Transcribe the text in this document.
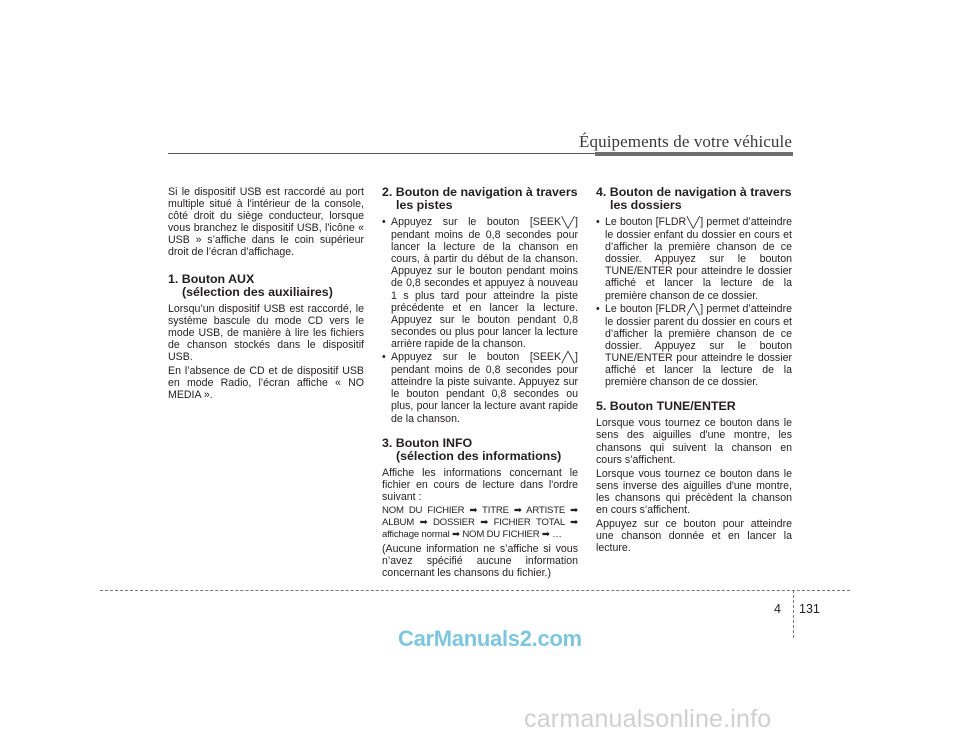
Équipements de votre véhicule

Si le dispositif USB est raccordé au port multiple situé à l'intérieur de la console, côté droit du siège conducteur, lorsque vous branchez le dispositif USB, l'icône « USB » s’affiche dans le coin supérieur droit de l’écran d'affichage.

1. Bouton AUX
(sélection des auxiliaires)

Lorsqu’un dispositif USB est raccordé, le système bascule du mode CD vers le mode USB, de manière à lire les fichiers de chanson stockés dans le dispositif USB.

En l’absence de CD et de dispositif USB en mode Radio, l’écran affiche « NO MEDIA ».

2. Bouton de navigation à travers
les pistes
• Appuyez sur le bouton [SEEK╲╱] pendant moins de 0,8 secondes pour lancer la lecture de la chanson en cours, à partir du début de la chanson. Appuyez sur le bouton pendant moins de 0,8 secondes et appuyez à nouveau 1 s plus tard pour atteindre la piste précédente et en lancer la lecture. Appuyez sur le bouton pendant 0,8 secondes ou plus pour lancer la lecture arrière rapide de la chanson.
• Appuyez sur le bouton [SEEK╱╲] pendant moins de 0,8 secondes pour atteindre la piste suivante. Appuyez sur le bouton pendant 0,8 secondes ou plus, pour lancer la lecture avant rapide de la chanson.
3. Bouton INFO
(sélection des informations)

Affiche les informations concernant le fichier en cours de lecture dans l'ordre suivant :

NOM DU FICHIER ➡ TITRE ➡ ARTISTE ➡ ALBUM ➡ DOSSIER ➡ FICHIER TOTAL ➡ affichage normal ➡ NOM DU FICHIER ➡ …

(Aucune information ne s’affiche si vous n’avez spécifié aucune information concernant les chansons du fichier.)

4. Bouton de navigation à travers
les dossiers
• Le bouton [FLDR╲╱] permet d’atteindre le dossier enfant du dossier en cours et d’afficher la première chanson de ce dossier. Appuyez sur le bouton TUNE/ENTER pour atteindre le dossier affiché et lancer la lecture de la première chanson de ce dossier.
• Le bouton [FLDR╱╲] permet d’atteindre le dossier parent du dossier en cours et d’afficher la première chanson de ce dossier. Appuyez sur le bouton TUNE/ENTER pour atteindre le dossier affiché et lancer la lecture de la première chanson de ce dossier.
5. Bouton TUNE/ENTER

Lorsque vous tournez ce bouton dans le sens des aiguilles d'une montre, les chansons qui suivent la chanson en cours s’affichent.

Lorsque vous tournez ce bouton dans le sens inverse des aiguilles d'une montre, les chansons qui précèdent la chanson en cours s’affichent.

Appuyez sur ce bouton pour atteindre une chanson donnée et en lancer la lecture.

4 131
CarManuals2.com
carmanualsonline.info
